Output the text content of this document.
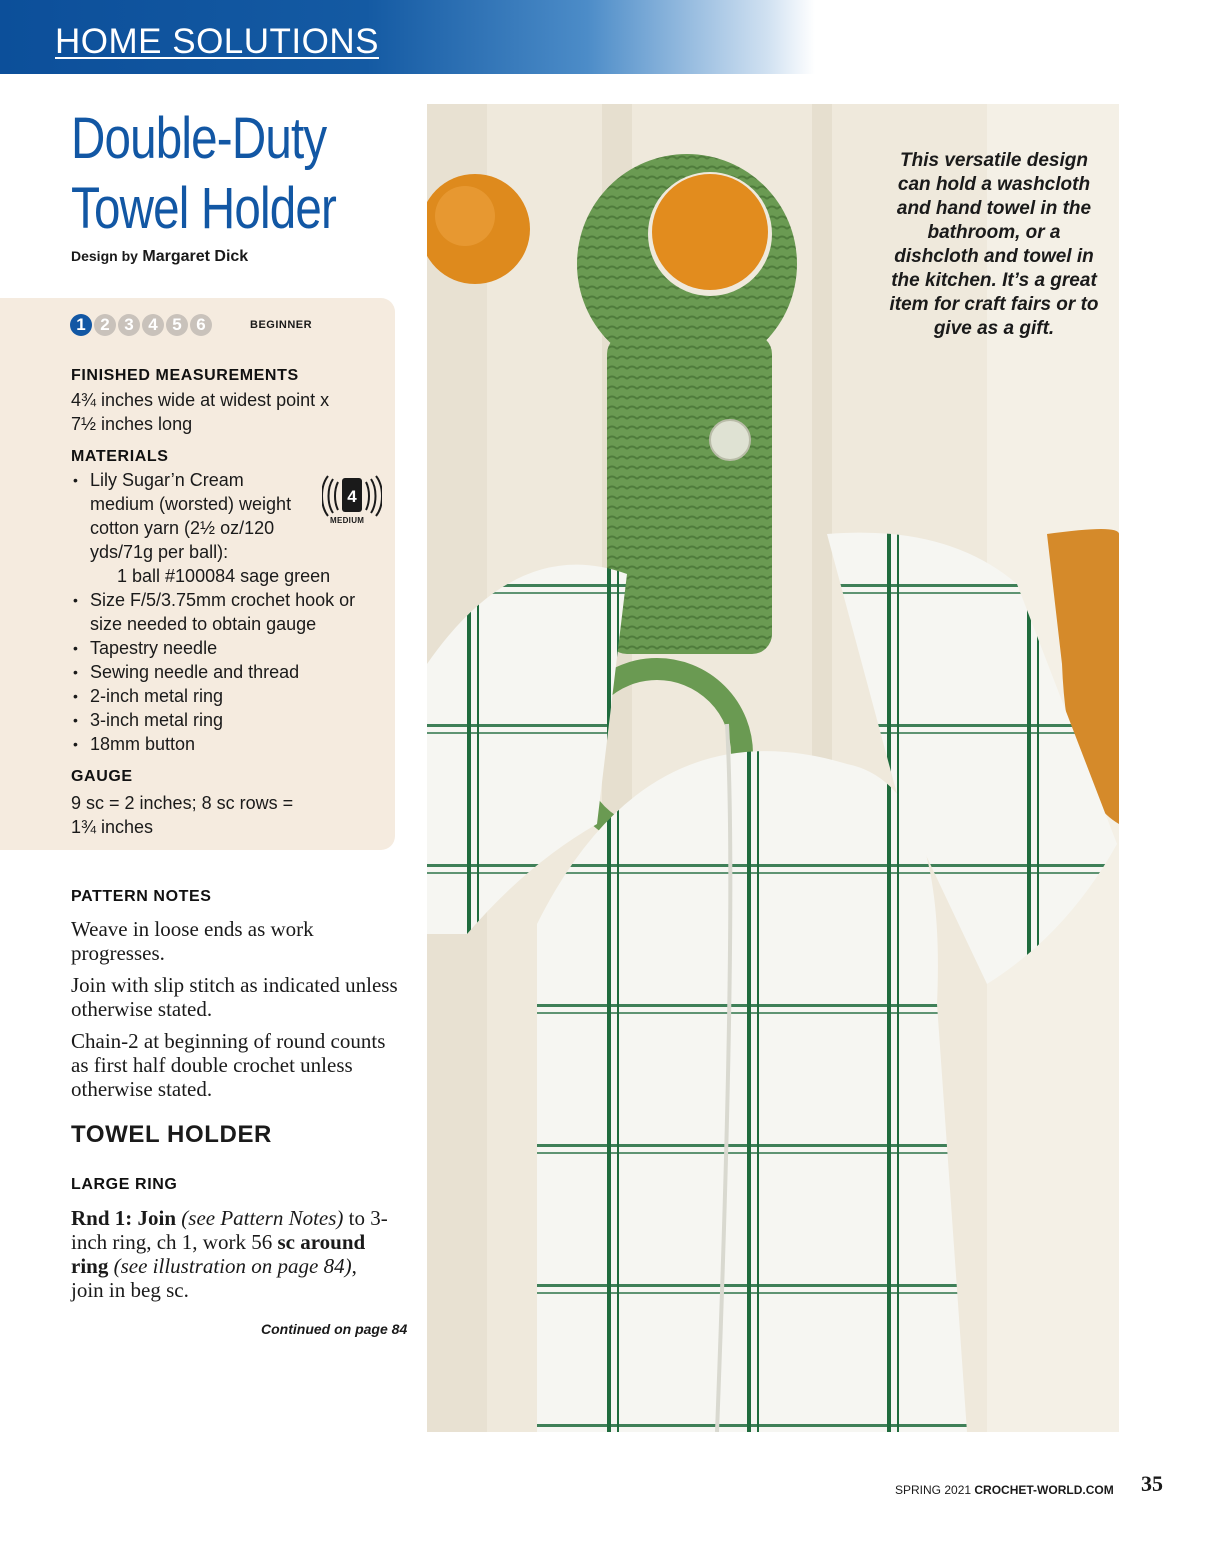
HOME SOLUTIONS
Double-Duty
Towel Holder
Design by Margaret Dick
1 2 3 4 5 6	BEGINNER
FINISHED MEASUREMENTS
4¾ inches wide at widest point x
7½ inches long
MATERIALS
• Lily Sugar’n Cream medium (worsted) weight cotton yarn (2½ oz/120 yds/71g per ball):
1 ball #100084 sage green
• Size F/5/3.75mm crochet hook or size needed to obtain gauge
• Tapestry needle
• Sewing needle and thread
• 2-inch metal ring
• 3-inch metal ring
• 18mm button
4
MEDIUM
GAUGE
9 sc = 2 inches; 8 sc rows =
1¾ inches
PATTERN NOTES

Weave in loose ends as work progresses.

Join with slip stitch as indicated unless otherwise stated.

Chain-2 at beginning of round counts as first half double crochet unless otherwise stated.

TOWEL HOLDER
LARGE RING
Rnd 1: Join (see Pattern Notes) to 3-inch ring, ch 1, work 56 sc around ring (see illustration on page 84), join in beg sc.
Continued on page 84
This versatile design can hold a washcloth and hand towel in the bathroom, or a dishcloth and towel in the kitchen. It’s a great item for craft fairs or to give as a gift.
SPRING 2021 CROCHET-WORLD.COM 35
